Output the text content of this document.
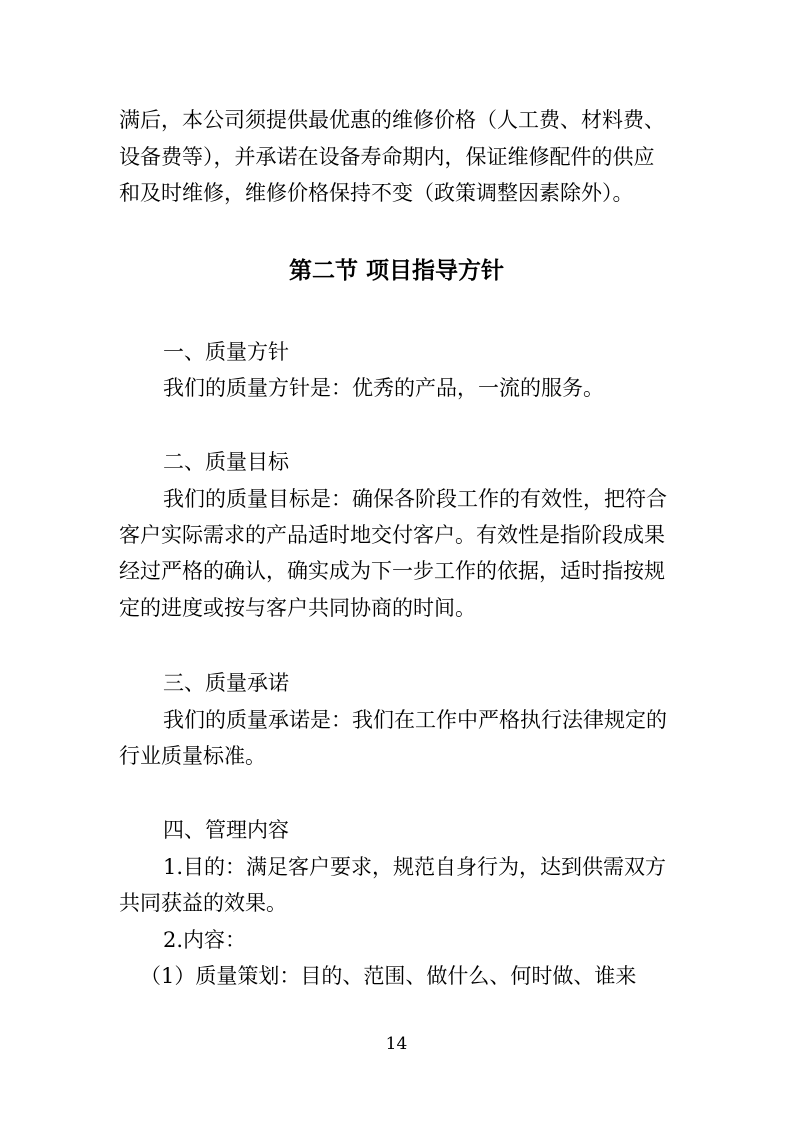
满后，本公司须提供最优惠的维修价格（人工费、材料费、
设备费等），并承诺在设备寿命期内，保证维修配件的供应
和及时维修，维修价格保持不变（政策调整因素除外）。
第二节 项目指导方针
一、质量方针
我们的质量方针是：优秀的产品，一流的服务。
二、质量目标
我们的质量目标是：确保各阶段工作的有效性，把符合
客户实际需求的产品适时地交付客户。有效性是指阶段成果
经过严格的确认，确实成为下一步工作的依据，适时指按规
定的进度或按与客户共同协商的时间。
三、质量承诺
我们的质量承诺是：我们在工作中严格执行法律规定的
行业质量标准。
四、管理内容
1.目的：满足客户要求，规范自身行为，达到供需双方
共同获益的效果。
2.内容：
（1）质量策划：目的、范围、做什么、何时做、谁来
14
